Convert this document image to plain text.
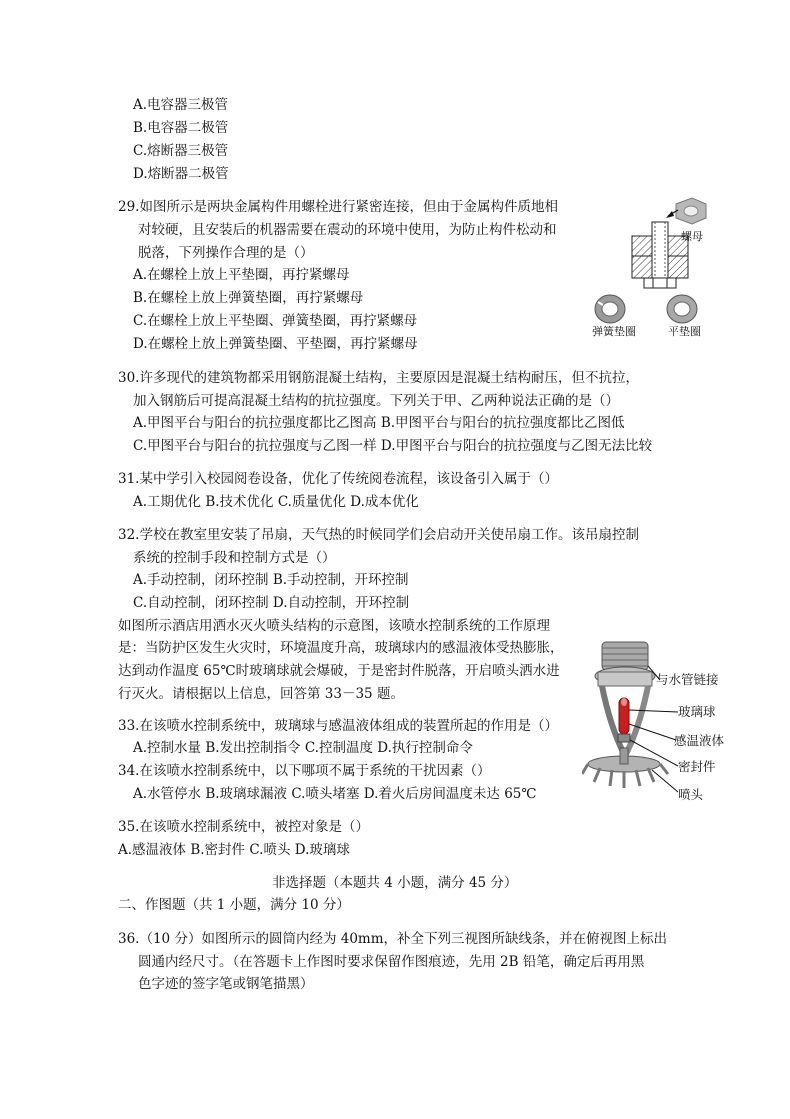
A.电容器三极管
B.电容器二极管
C.熔断器三极管
D.熔断器二极管
29.如图所示是两块金属构件用螺栓进行紧密连接，但由于金属构件质地相
对较硬，且安装后的机器需要在震动的环境中使用，为防止构件松动和
脱落，下列操作合理的是（）
A.在螺栓上放上平垫圈，再拧紧螺母
B.在螺栓上放上弹簧垫圈，再拧紧螺母
C.在螺栓上放上平垫圈、弹簧垫圈，再拧紧螺母
D.在螺栓上放上弹簧垫圈、平垫圈，再拧紧螺母
螺母
弹簧垫圈	平垫圈
30.许多现代的建筑物都采用钢筋混凝土结构，主要原因是混凝土结构耐压，但不抗拉，
加入钢筋后可提高混凝土结构的抗拉强度。下列关于甲、乙两种说法正确的是（）
A.甲图平台与阳台的抗拉强度都比乙图高 B.甲图平台与阳台的抗拉强度都比乙图低
C.甲图平台与阳台的抗拉强度与乙图一样 D.甲图平台与阳台的抗拉强度与乙图无法比较
31.某中学引入校园阅卷设备，优化了传统阅卷流程，该设备引入属于（）
A.工期优化 B.技术优化 C.质量优化 D.成本优化
32.学校在教室里安装了吊扇，天气热的时候同学们会启动开关使吊扇工作。该吊扇控制
系统的控制手段和控制方式是（）
A.手动控制，闭环控制 B.手动控制，开环控制
C.自动控制，闭环控制 D.自动控制，开环控制
如图所示酒店用洒水灭火喷头结构的示意图，该喷水控制系统的工作原理
是：当防护区发生火灾时，环境温度升高，玻璃球内的感温液体受热膨胀，
达到动作温度 65℃时玻璃球就会爆破，于是密封件脱落，开启喷头洒水进
行灭火。请根据以上信息，回答第 33－35 题。
与水管链接
玻璃球
感温液体
密封件
喷头
33.在该喷水控制系统中，玻璃球与感温液体组成的装置所起的作用是（）
A.控制水量 B.发出控制指令 C.控制温度 D.执行控制命令
34.在该喷水控制系统中，以下哪项不属于系统的干扰因素（）
A.水管停水 B.玻璃球漏液 C.喷头堵塞 D.着火后房间温度未达 65℃
35.在该喷水控制系统中，被控对象是（）
A.感温液体 B.密封件 C.喷头 D.玻璃球
非选择题（本题共 4 小题，满分 45 分）
二、作图题（共 1 小题，满分 10 分）
36.（10 分）如图所示的圆筒内经为 40mm，补全下列三视图所缺线条，并在俯视图上标出
圆通内经尺寸。（在答题卡上作图时要求保留作图痕迹，先用 2B 铅笔，确定后再用黑
色字迹的签字笔或钢笔描黑）
